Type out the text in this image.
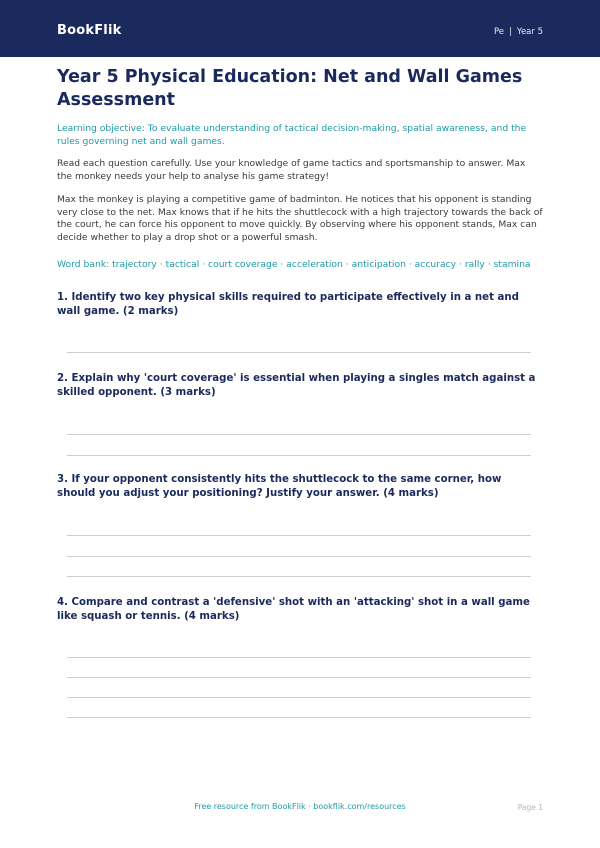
BookFlik	Pe | Year 5
Year 5 Physical Education: Net and Wall Games Assessment
Learning objective: To evaluate understanding of tactical decision-making, spatial awareness, and the rules governing net and wall games.

Read each question carefully. Use your knowledge of game tactics and sportsmanship to answer. Max the monkey needs your help to analyse his game strategy!

Max the monkey is playing a competitive game of badminton. He notices that his opponent is standing very close to the net. Max knows that if he hits the shuttlecock with a high trajectory towards the back of the court, he can force his opponent to move quickly. By observing where his opponent stands, Max can decide whether to play a drop shot or a powerful smash.

Word bank: trajectory · tactical · court coverage · acceleration · anticipation · accuracy · rally · stamina
1. Identify two key physical skills required to participate effectively in a net and wall game. (2 marks)
2. Explain why 'court coverage' is essential when playing a singles match against a skilled opponent. (3 marks)
3. If your opponent consistently hits the shuttlecock to the same corner, how should you adjust your positioning? Justify your answer. (4 marks)
4. Compare and contrast a 'defensive' shot with an 'attacking' shot in a wall game like squash or tennis. (4 marks)
Free resource from BookFlik · bookflik.com/resources	Page 1
